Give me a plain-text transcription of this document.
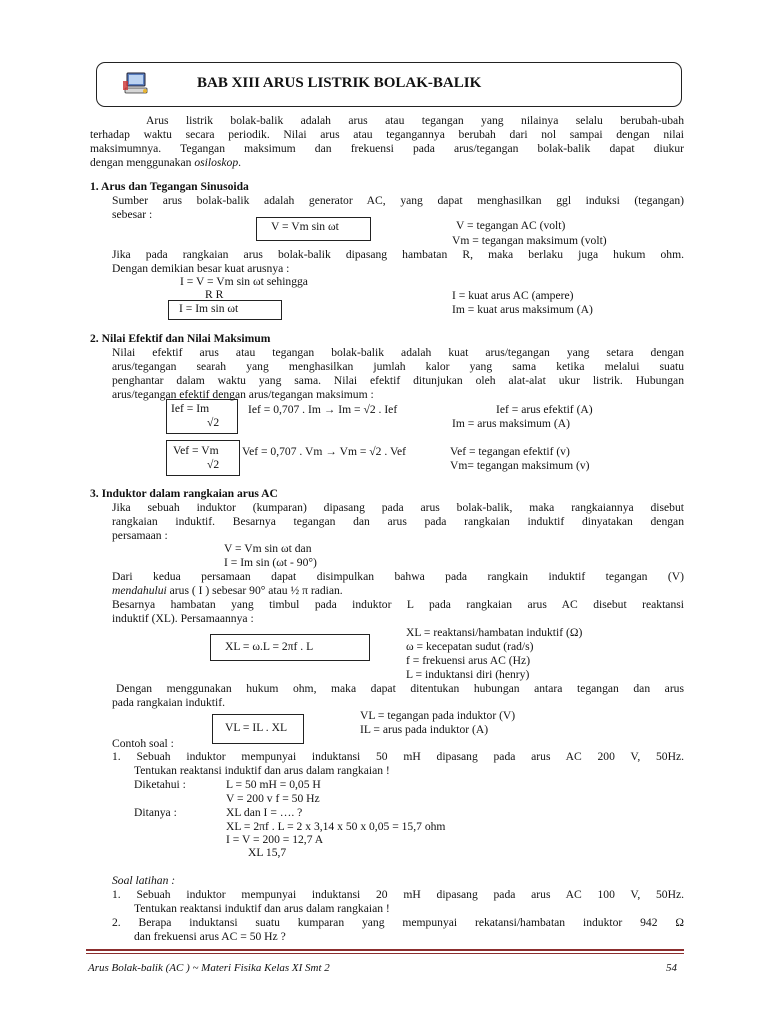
BAB XIII ARUS LISTRIK BOLAK-BALIK
Arus listrik bolak-balik adalah arus atau tegangan yang nilainya selalu berubah-ubah
terhadap waktu secara periodik. Nilai arus atau tegangannya berubah dari nol sampai dengan nilai
maksimumnya. Tegangan maksimum dan frekuensi pada arus/tegangan bolak-balik dapat diukur
dengan menggunakan osiloskop.
1. Arus dan Tegangan Sinusoida
Sumber arus bolak-balik adalah generator AC, yang dapat menghasilkan ggl induksi (tegangan)
sebesar :
V = Vm sin ωt	V = tegangan AC (volt)
Vm = tegangan maksimum (volt)
Jika pada rangkaian arus bolak-balik dipasang hambatan R, maka berlaku juga hukum ohm.
Dengan demikian besar kuat arusnya :
I = V = Vm sin ωt sehingga
R R
I = Im sin ωt
I = kuat arus AC (ampere)
Im = kuat arus maksimum (A)
2. Nilai Efektif dan Nilai Maksimum
Nilai efektif arus atau tegangan bolak-balik adalah kuat arus/tegangan yang setara dengan
arus/tegangan searah yang menghasilkan jumlah kalor yang sama ketika melalui suatu
penghantar dalam waktu yang sama. Nilai efektif ditunjukan oleh alat-alat ukur listrik. Hubungan
arus/tegangan efektif dengan arus/tegangan maksimum :
Ief = Im
√2
Ief = 0,707 . Im → Im = √2 . Ief	Ief = arus efektif (A)
Im = arus maksimum (A)
Vef = Vm
√2
Vef = 0,707 . Vm → Vm = √2 . Vef	Vef = tegangan efektif (v)
Vm= tegangan maksimum (v)
3. Induktor dalam rangkaian arus AC
Jika sebuah induktor (kumparan) dipasang pada arus bolak-balik, maka rangkaiannya disebut
rangkaian induktif. Besarnya tegangan dan arus pada rangkaian induktif dinyatakan dengan
persamaan :
V = Vm sin ωt dan
I = Im sin (ωt - 90°)
Dari kedua persamaan dapat disimpulkan bahwa pada rangkain induktif tegangan (V)
mendahului arus ( I ) sebesar 90° atau ½ π radian.
Besarnya hambatan yang timbul pada induktor L pada rangkaian arus AC disebut reaktansi
induktif (XL). Persamaannya :
XL = ω.L = 2πf . L
XL = reaktansi/hambatan induktif (Ω)
ω = kecepatan sudut (rad/s)
f = frekuensi arus AC (Hz)
L = induktansi diri (henry)
Dengan menggunakan hukum ohm, maka dapat ditentukan hubungan antara tegangan dan arus
pada rangkaian induktif.
VL = IL . XL
VL = tegangan pada induktor (V)
IL = arus pada induktor (A)
Contoh soal :
1. Sebuah induktor mempunyai induktansi 50 mH dipasang pada arus AC 200 V, 50Hz.
Tentukan reaktansi induktif dan arus dalam rangkaian !
Diketahui :	L = 50 mH = 0,05 H
V = 200 v f = 50 Hz
Ditanya :	XL dan I = …. ?
XL = 2πf . L = 2 x 3,14 x 50 x 0,05 = 15,7 ohm
I = V = 200 = 12,7 A
XL 15,7
Soal latihan :
1. Sebuah induktor mempunyai induktansi 20 mH dipasang pada arus AC 100 V, 50Hz.
Tentukan reaktansi induktif dan arus dalam rangkaian !
2. Berapa induktansi suatu kumparan yang mempunyai rekatansi/hambatan induktor 942 Ω
dan frekuensi arus AC = 50 Hz ?
Arus Bolak-balik (AC ) ~ Materi Fisika Kelas XI Smt 2	54
